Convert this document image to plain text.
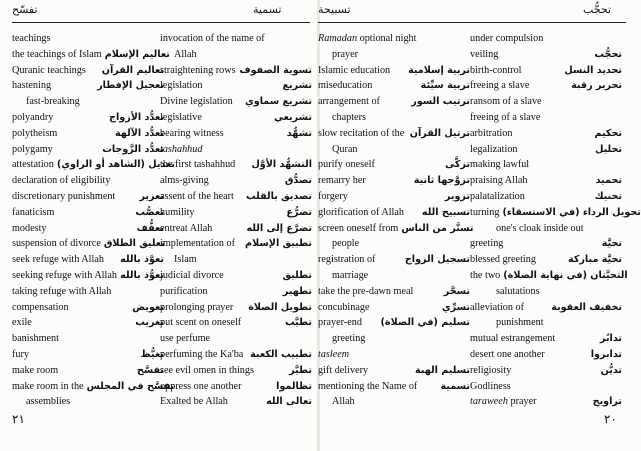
تفسّح	تسمية
teachings
the teachings of Islam تعاليم الإسلام
Quranic teachings	تعاليم القرآن
hastening	تعجيل الإفطار
fast-breaking
polyandry	تعدُّد الأزواج
polytheism	تعدُّد الآلهة
polygamy	تعدُّد الزَّوجات
attestation تعديل (الشاهد أو الراوي)
declaration of eligibility
discretionary punishment	تعزير
fanaticism	تعصُّب
modesty	تعفُّف
suspension of divorce تعليق الطلاق
seek refuge with Allah	تعوَّذ بالله
seeking refuge with Allah تعوُّذ بالله
taking refuge with Allah
compensation	تعويض
exile	تغريب
banishment
fury	تغيُّظ
make room	تفسَّح
make room in the تفسَّح في المجلس
assemblies
invocation of the name of
Allah
straightening rows تسوية الصفوف
legislation	تشريع
Divine legislation	تشريع سماوي
legislative	تشريعي
bearing witness	تشهُّد
tashahhud
the first tashahhud	التشهُّد الأوَّل
alms-giving	تصدُّق
assent of the heart	تصديق بالقلب
humility	تضرُّع
entreat Allah	تضرَّع إلى الله
implementation of	تطبيق الإسلام
Islam
judicial divorce	تطليق
purification	تطهير
prolonging prayer	تطويل الصلاة
put scent on oneself	تطيَّب
use perfume
perfuming the Ka'ba تطييب الكعبة
see evil omen in things	تطيَّر
oppress one another	تظالموا
Exalted be Allah	تعالى الله
٢١
تسبيحة	تحجُّب
Ramadan optional night
prayer
Islamic education	تربية إسلامية
miseducation	تربية سيِّئة
arrangement of	ترتيب السور
chapters
slow recitation of the ترتيل القرآن
Quran
purify oneself	تزكَّى
remarry her	تزوَّجها ثانية
forgery	تزوير
glorification of Allah	تسبيح الله
screen oneself from تستَّر من الناس
people
registration of	تسجيل الزواج
marriage
take the pre-dawn meal	تسحَّر
concubinage	تسرِّي
prayer-end	تسليم (في الصلاة)
greeting
tasleem
gift delivery	تسليم الهبة
mentioning the Name of	تسمية
Allah
under compulsion
veiling	تحجُّب
birth-control	تحديد النسل
freeing a slave	تحرير رقبة
ransom of a slave
freeing of a slave
arbitration	تحكيم
legalization	تحليل
making lawful
praising Allah	تحميد
palatalization	تحنيك
turning تحويل الرداء (في الاستسقاء)
one's cloak inside out
greeting	تحيَّة
blessed greeting	تحيَّة مباركة
the two التحيَّتان (في نهاية الصلاة)
salutations
alleviation of	تخفيف العقوبة
punishment
mutual estrangement	تدابُر
desert one another	تدابروا
religiosity	تديُّن
Godliness
taraweeh prayer	تراويح
٢٠
